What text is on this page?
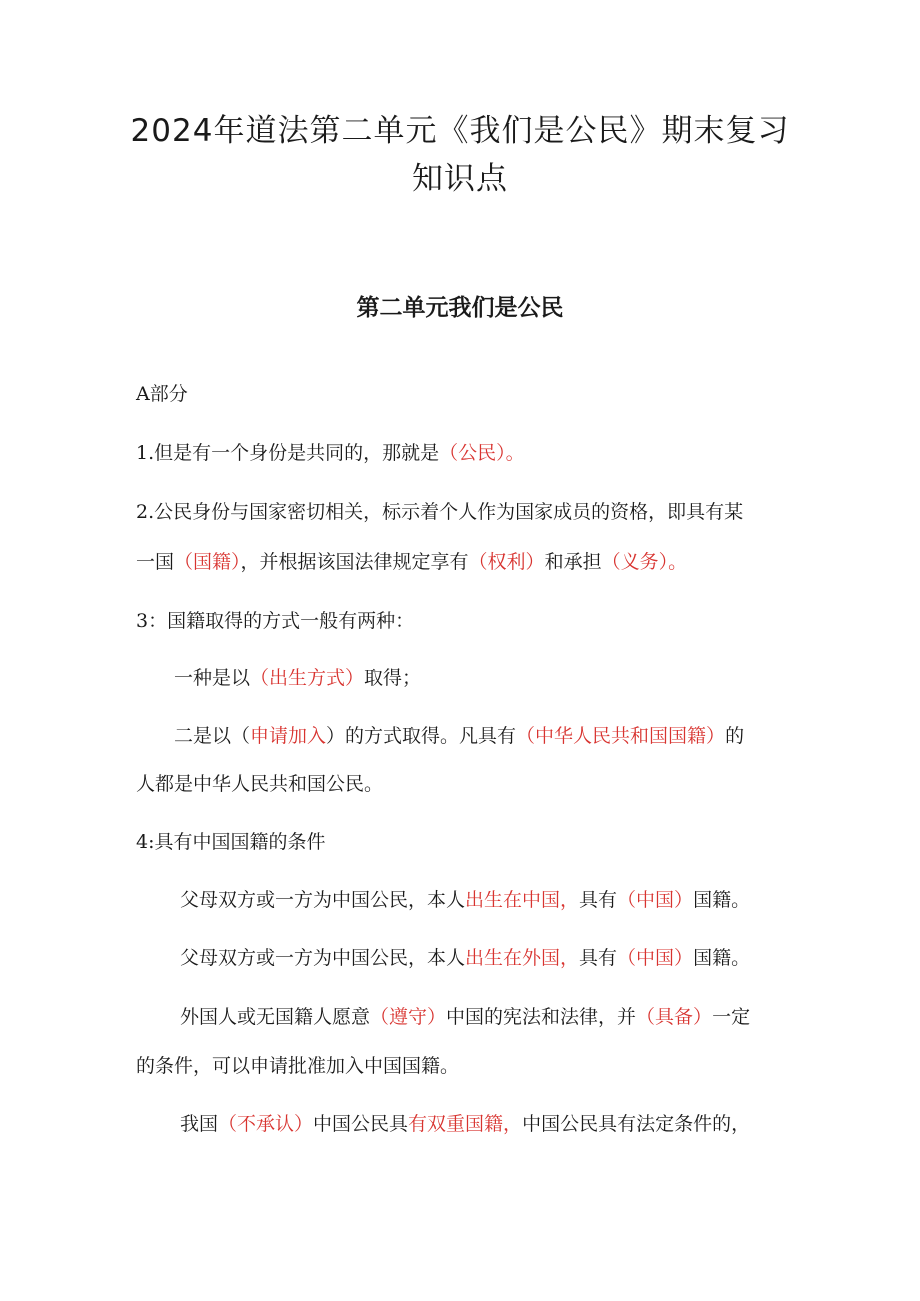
2024年道法第二单元《我们是公民》期末复习
知识点
第二单元我们是公民

A部分

1.但是有一个身份是共同的，那就是（公民）。

2.公民身份与国家密切相关，标示着个人作为国家成员的资格，即具有某

一国（国籍），并根据该国法律规定享有（权利）和承担（义务）。

3：国籍取得的方式一般有两种：

一种是以（出生方式）取得；

二是以（申请加入）的方式取得。凡具有（中华人民共和国国籍）的

人都是中华人民共和国公民。

4:具有中国国籍的条件

父母双方或一方为中国公民，本人出生在中国，具有（中国）国籍。

父母双方或一方为中国公民，本人出生在外国，具有（中国）国籍。

外国人或无国籍人愿意（遵守）中国的宪法和法律，并（具备）一定

的条件，可以申请批准加入中国国籍。

我国（不承认）中国公民具有双重国籍，中国公民具有法定条件的，
